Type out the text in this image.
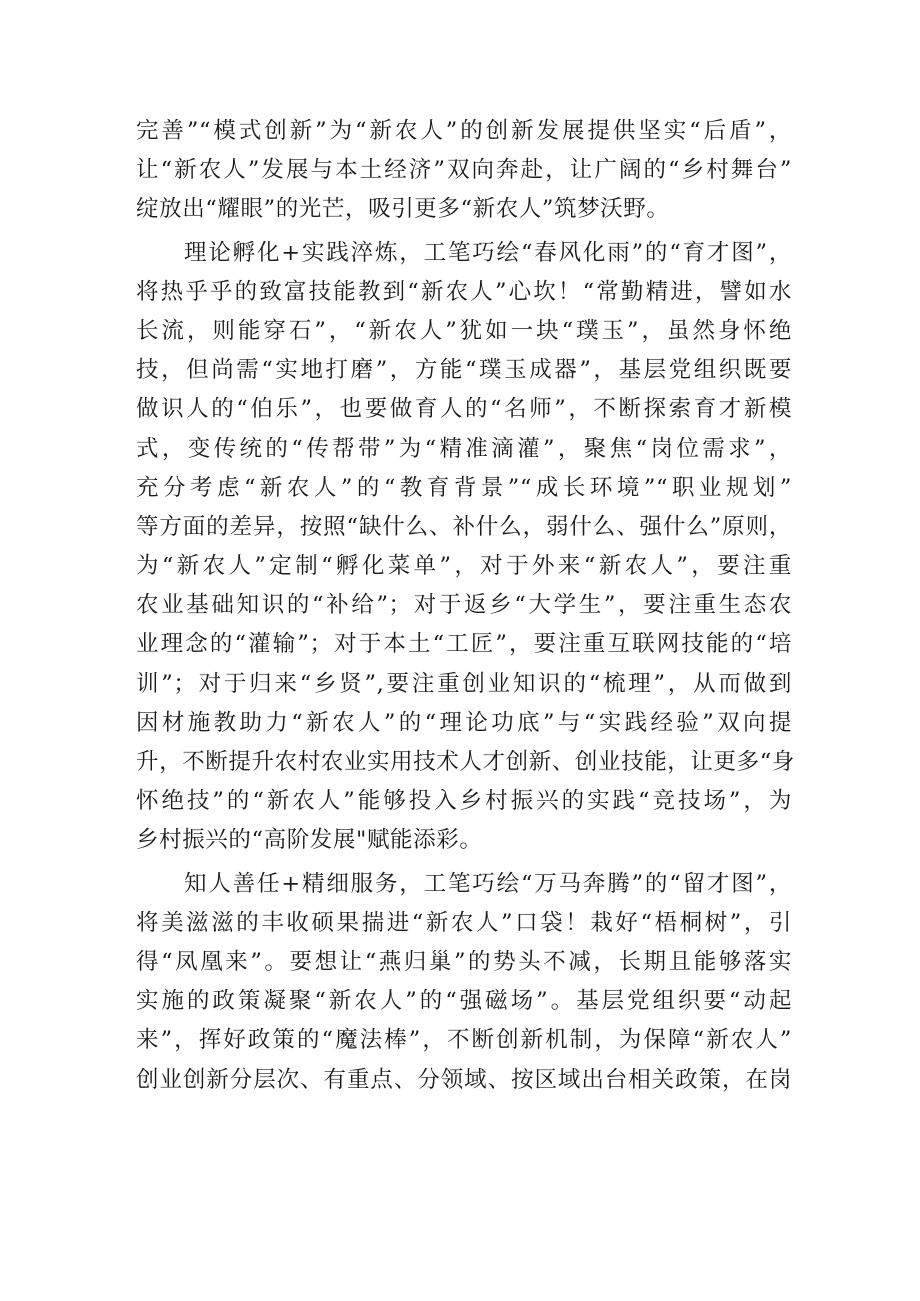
完善”“模式创新”为“新农人”的创新发展提供坚实“后盾”，
让“新农人”发展与本土经济”双向奔赴，让广阔的“乡村舞台”
绽放出“耀眼”的光芒，吸引更多“新农人”筑梦沃野。
理论孵化+实践淬炼，工笔巧绘“春风化雨”的“育才图”，
将热乎乎的致富技能教到“新农人”心坎！“常勤精进，譬如水
长流，则能穿石”，“新农人”犹如一块“璞玉”，虽然身怀绝
技，但尚需“实地打磨”，方能“璞玉成器”，基层党组织既要
做识人的“伯乐”，也要做育人的“名师”，不断探索育才新模
式，变传统的“传帮带”为“精准滴灌”，聚焦“岗位需求”，
充分考虑“新农人”的“教育背景”“成长环境”“职业规划”
等方面的差异，按照“缺什么、补什么，弱什么、强什么”原则，
为“新农人”定制“孵化菜单”，对于外来“新农人”，要注重
农业基础知识的“补给”；对于返乡“大学生”，要注重生态农
业理念的“灌输”；对于本土“工匠”，要注重互联网技能的“培
训”；对于归来“乡贤”,要注重创业知识的“梳理”，从而做到
因材施教助力“新农人”的“理论功底”与“实践经验”双向提
升，不断提升农村农业实用技术人才创新、创业技能，让更多“身
怀绝技”的“新农人”能够投入乡村振兴的实践“竞技场”，为
乡村振兴的“高阶发展"赋能添彩。
知人善任+精细服务，工笔巧绘“万马奔腾”的“留才图”，
将美滋滋的丰收硕果揣进“新农人”口袋！栽好“梧桐树”，引
得“凤凰来”。要想让“燕归巢”的势头不减，长期且能够落实
实施的政策凝聚“新农人”的“强磁场”。基层党组织要“动起
来”，挥好政策的“魔法棒”，不断创新机制，为保障“新农人”
创业创新分层次、有重点、分领域、按区域出台相关政策，在岗
